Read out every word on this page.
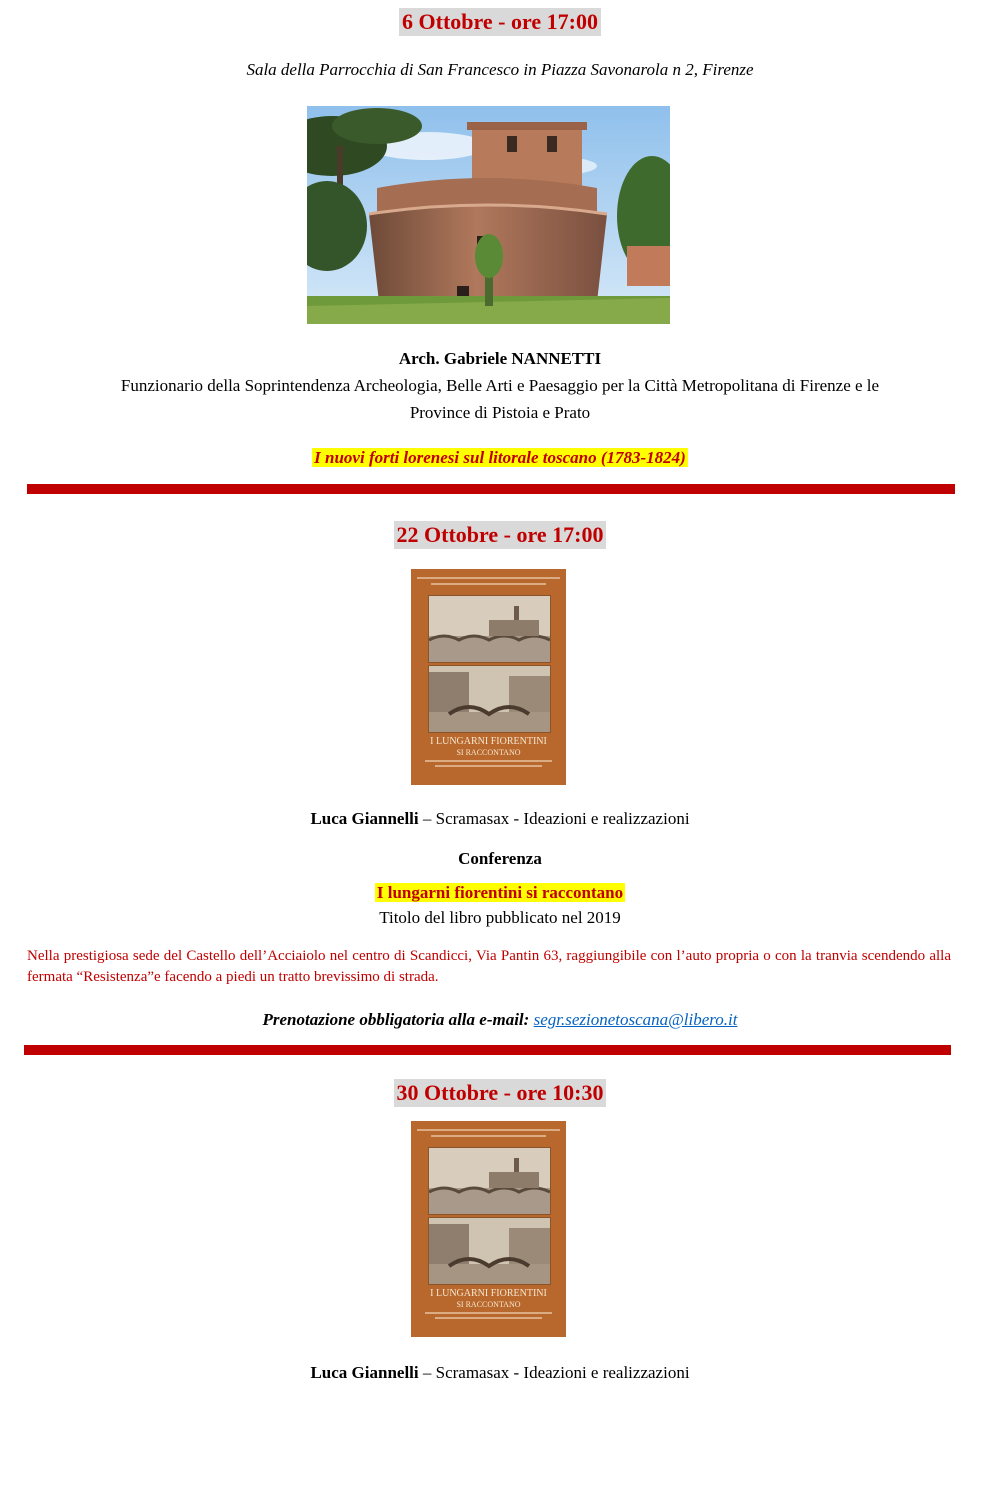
6 Ottobre - ore 17:00
Sala della Parrocchia di San Francesco in Piazza Savonarola n 2, Firenze
Arch. Gabriele NANNETTI
Funzionario della Soprintendenza Archeologia, Belle Arti e Paesaggio per la Città Metropolitana di Firenze e le
Province di Pistoia e Prato
I nuovi forti lorenesi sul litorale toscano (1783-1824)
22 Ottobre - ore 17:00
I LUNGARNI FIORENTINI
SI RACCONTANO
Luca Giannelli – Scramasax - Ideazioni e realizzazioni
Conferenza
I lungarni fiorentini si raccontano
Titolo del libro pubblicato nel 2019
Nella prestigiosa sede del Castello dell’Acciaiolo nel centro di Scandicci, Via Pantin 63, raggiungibile con l’auto propria o con la tranvia scendendo alla fermata “Resistenza”e facendo a piedi un tratto brevissimo di strada.
Prenotazione obbligatoria alla e-mail: segr.sezionetoscana@libero.it
30 Ottobre - ore 10:30
I LUNGARNI FIORENTINI
SI RACCONTANO
Luca Giannelli – Scramasax - Ideazioni e realizzazioni
